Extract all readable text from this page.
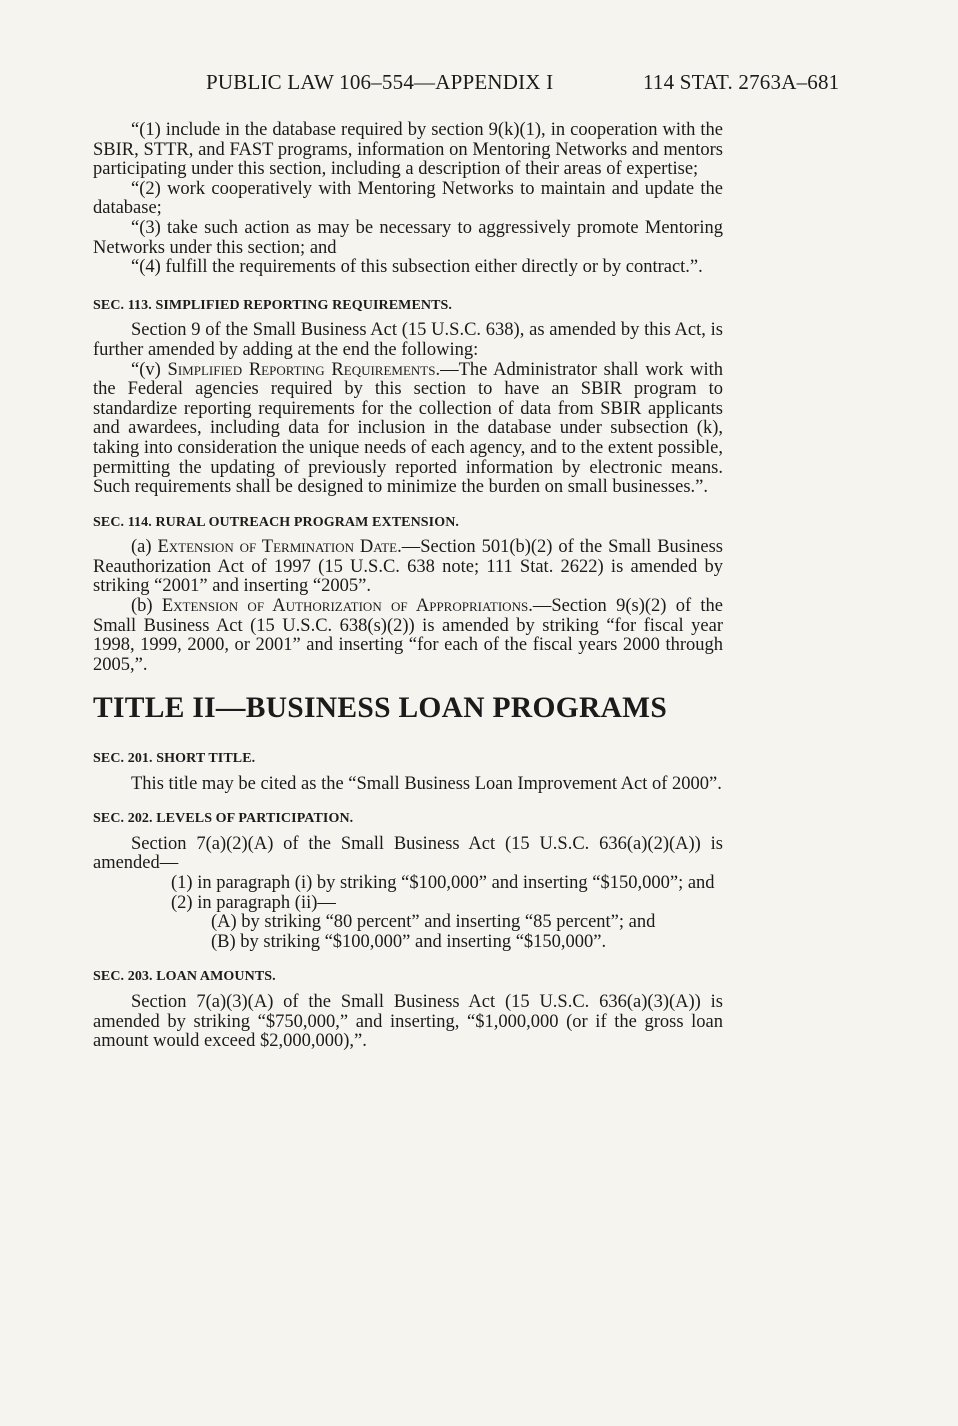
PUBLIC LAW 106–554—APPENDIX I	114 STAT. 2763A–681

“(1) include in the database required by section 9(k)(1), in cooperation with the SBIR, STTR, and FAST programs, information on Mentoring Networks and mentors participating under this section, including a description of their areas of expertise;

“(2) work cooperatively with Mentoring Networks to maintain and update the database;

“(3) take such action as may be necessary to aggressively promote Mentoring Networks under this section; and

“(4) fulfill the requirements of this subsection either directly or by contract.”.

SEC. 113. SIMPLIFIED REPORTING REQUIREMENTS.

Section 9 of the Small Business Act (15 U.S.C. 638), as amended by this Act, is further amended by adding at the end the following:

“(v) Simplified Reporting Requirements.—The Administrator shall work with the Federal agencies required by this section to have an SBIR program to standardize reporting requirements for the collection of data from SBIR applicants and awardees, including data for inclusion in the database under subsection (k), taking into consideration the unique needs of each agency, and to the extent possible, permitting the updating of previously reported information by electronic means. Such requirements shall be designed to minimize the burden on small businesses.”.

SEC. 114. RURAL OUTREACH PROGRAM EXTENSION.

(a) Extension of Termination Date.—Section 501(b)(2) of the Small Business Reauthorization Act of 1997 (15 U.S.C. 638 note; 111 Stat. 2622) is amended by striking “2001” and inserting “2005”.

(b) Extension of Authorization of Appropriations.—Section 9(s)(2) of the Small Business Act (15 U.S.C. 638(s)(2)) is amended by striking “for fiscal year 1998, 1999, 2000, or 2001” and inserting “for each of the fiscal years 2000 through 2005,”.

TITLE II—BUSINESS LOAN PROGRAMS

SEC. 201. SHORT TITLE.

This title may be cited as the “Small Business Loan Improvement Act of 2000”.

SEC. 202. LEVELS OF PARTICIPATION.

Section 7(a)(2)(A) of the Small Business Act (15 U.S.C. 636(a)(2)(A)) is amended—

(1) in paragraph (i) by striking “$100,000” and inserting “$150,000”; and

(2) in paragraph (ii)—

(A) by striking “80 percent” and inserting “85 percent”; and

(B) by striking “$100,000” and inserting “$150,000”.

SEC. 203. LOAN AMOUNTS.

Section 7(a)(3)(A) of the Small Business Act (15 U.S.C. 636(a)(3)(A)) is amended by striking “$750,000,” and inserting, “$1,000,000 (or if the gross loan amount would exceed $2,000,000),”.
